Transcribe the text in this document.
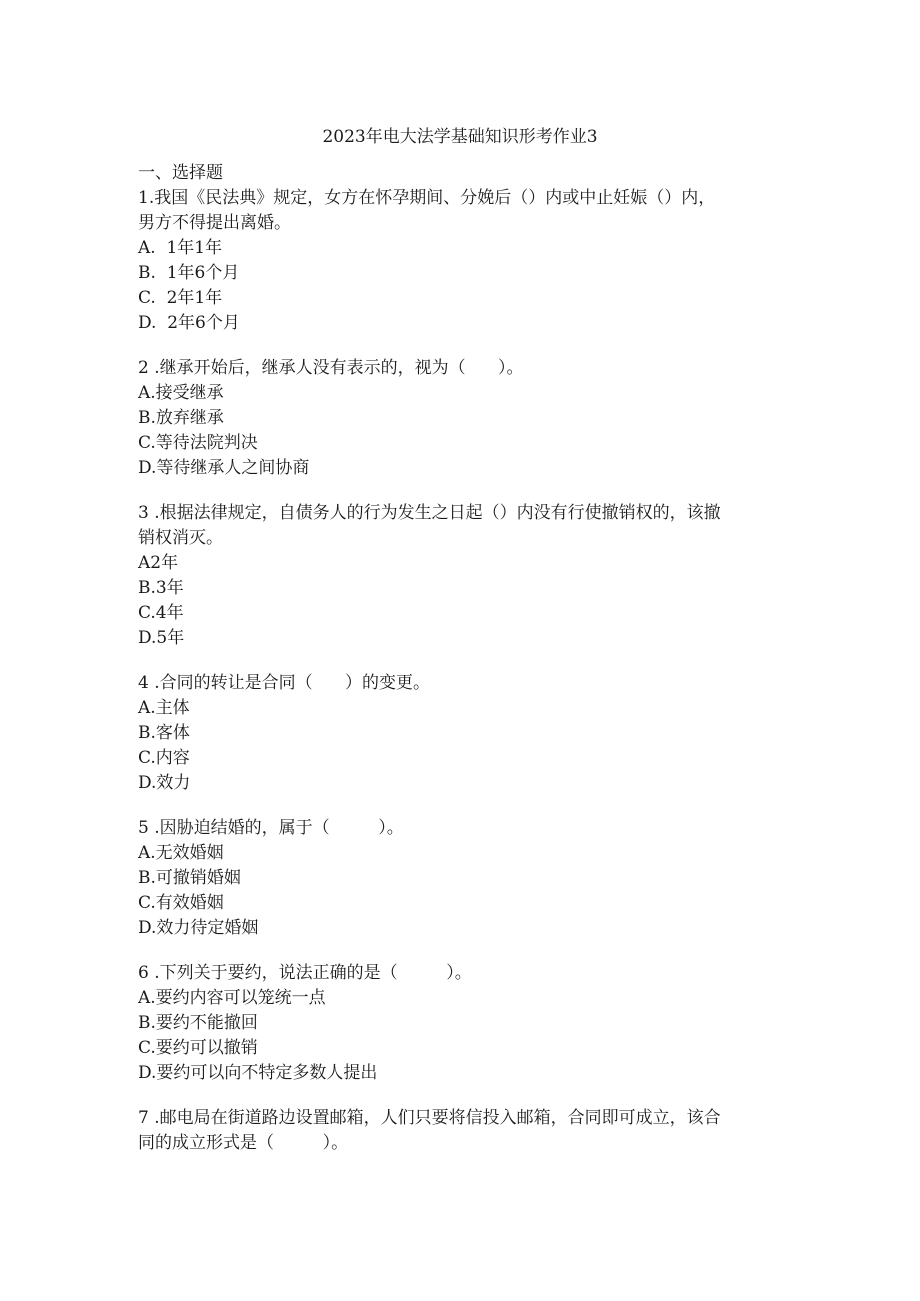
2023年电大法学基础知识形考作业3
一、选择题
1.我国《民法典》规定，女方在怀孕期间、分娩后（）内或中止妊娠（）内，
男方不得提出离婚。
A.  1年1年
B.  1年6个月
C.  2年1年
D.  2年6个月
2 .继承开始后，继承人没有表示的，视为（      ）。
A.接受继承
B.放弃继承
C.等待法院判决
D.等待继承人之间协商
3 .根据法律规定，自债务人的行为发生之日起（）内没有行使撤销权的，该撤
销权消灭。
A2年
B.3年
C.4年
D.5年
4 .合同的转让是合同（      ）的变更。
A.主体
B.客体
C.内容
D.效力
5 .因胁迫结婚的，属于（         ）。
A.无效婚姻
B.可撤销婚姻
C.有效婚姻
D.效力待定婚姻
6 .下列关于要约，说法正确的是（         ）。
A.要约内容可以笼统一点
B.要约不能撤回
C.要约可以撤销
D.要约可以向不特定多数人提出
7 .邮电局在街道路边设置邮箱，人们只要将信投入邮箱，合同即可成立，该合
同的成立形式是（         ）。
